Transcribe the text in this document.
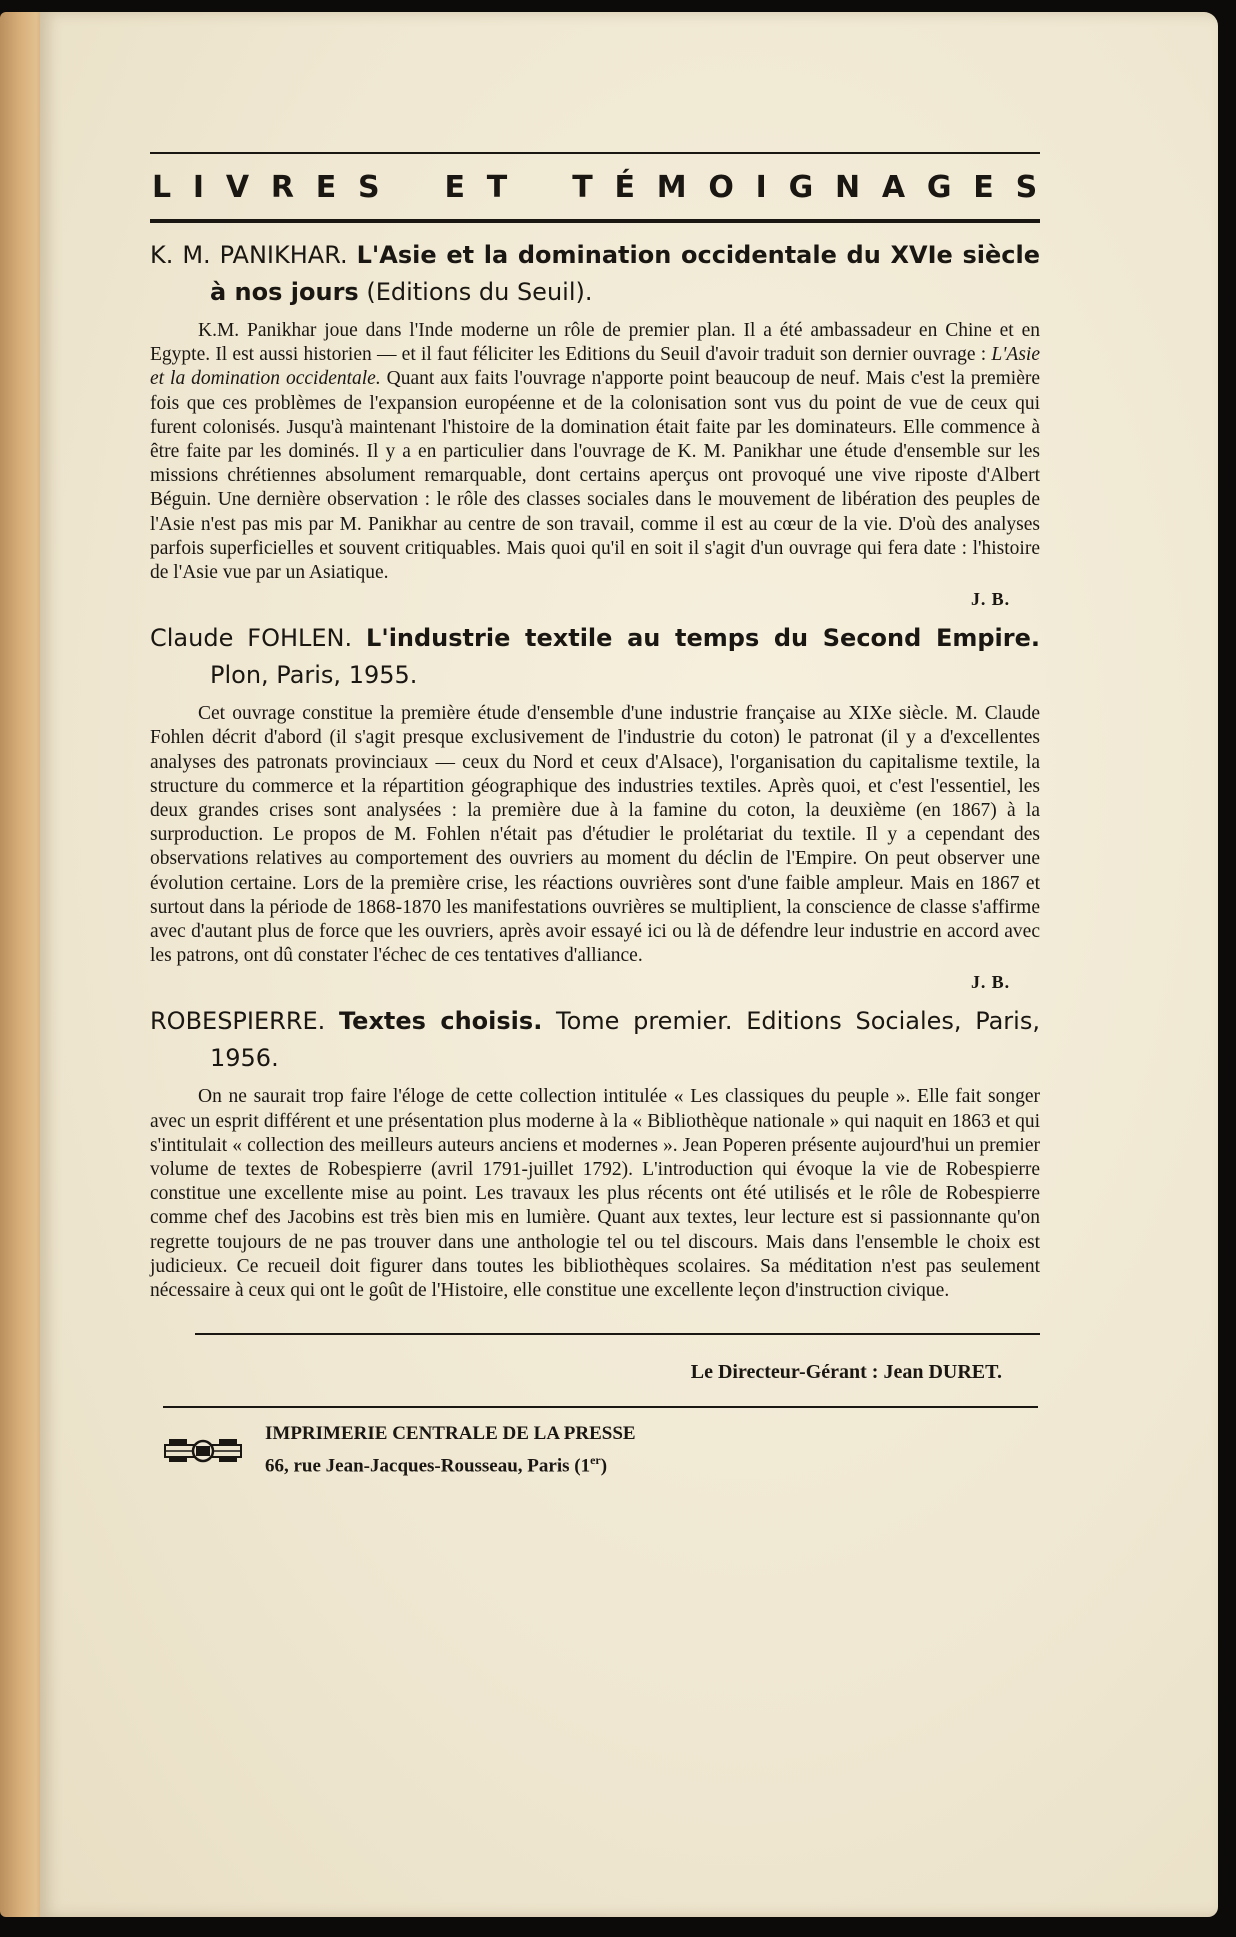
L I V R E S E T T É M O I G N A G E S

K. M. PANIKHAR. L'Asie et la domination occidentale du XVIe siècle à nos jours (Editions du Seuil).

K.M. Panikhar joue dans l'Inde moderne un rôle de premier plan. Il a été ambassadeur en Chine et en Egypte. Il est aussi historien — et il faut féliciter les Editions du Seuil d'avoir traduit son dernier ouvrage : L'Asie et la domination occidentale. Quant aux faits l'ouvrage n'apporte point beaucoup de neuf. Mais c'est la première fois que ces problèmes de l'expansion européenne et de la colonisation sont vus du point de vue de ceux qui furent colonisés. Jusqu'à maintenant l'histoire de la domination était faite par les dominateurs. Elle commence à être faite par les dominés. Il y a en particulier dans l'ouvrage de K. M. Panikhar une étude d'ensemble sur les missions chrétiennes absolument remarquable, dont certains aperçus ont provoqué une vive riposte d'Albert Béguin. Une dernière observation : le rôle des classes sociales dans le mouvement de libération des peuples de l'Asie n'est pas mis par M. Panikhar au centre de son travail, comme il est au cœur de la vie. D'où des analyses parfois superficielles et souvent critiquables. Mais quoi qu'il en soit il s'agit d'un ouvrage qui fera date : l'histoire de l'Asie vue par un Asiatique.

J. B.

Claude FOHLEN. L'industrie textile au temps du Second Empire. Plon, Paris, 1955.

Cet ouvrage constitue la première étude d'ensemble d'une industrie française au XIXe siècle. M. Claude Fohlen décrit d'abord (il s'agit presque exclusivement de l'industrie du coton) le patronat (il y a d'excellentes analyses des patronats provinciaux — ceux du Nord et ceux d'Alsace), l'organisation du capitalisme textile, la structure du commerce et la répartition géographique des industries textiles. Après quoi, et c'est l'essentiel, les deux grandes crises sont analysées : la première due à la famine du coton, la deuxième (en 1867) à la surproduction. Le propos de M. Fohlen n'était pas d'étudier le prolétariat du textile. Il y a cependant des observations relatives au comportement des ouvriers au moment du déclin de l'Empire. On peut observer une évolution certaine. Lors de la première crise, les réactions ouvrières sont d'une faible ampleur. Mais en 1867 et surtout dans la période de 1868-1870 les manifestations ouvrières se multiplient, la conscience de classe s'affirme avec d'autant plus de force que les ouvriers, après avoir essayé ici ou là de défendre leur industrie en accord avec les patrons, ont dû constater l'échec de ces tentatives d'alliance.

J. B.

ROBESPIERRE. Textes choisis. Tome premier. Editions Sociales, Paris, 1956.

On ne saurait trop faire l'éloge de cette collection intitulée « Les classiques du peuple ». Elle fait songer avec un esprit différent et une présentation plus moderne à la « Bibliothèque nationale » qui naquit en 1863 et qui s'intitulait « collection des meilleurs auteurs anciens et modernes ». Jean Poperen présente aujourd'hui un premier volume de textes de Robespierre (avril 1791-juillet 1792). L'introduction qui évoque la vie de Robespierre constitue une excellente mise au point. Les travaux les plus récents ont été utilisés et le rôle de Robespierre comme chef des Jacobins est très bien mis en lumière. Quant aux textes, leur lecture est si passionnante qu'on regrette toujours de ne pas trouver dans une anthologie tel ou tel discours. Mais dans l'ensemble le choix est judicieux. Ce recueil doit figurer dans toutes les bibliothèques scolaires. Sa méditation n'est pas seulement nécessaire à ceux qui ont le goût de l'Histoire, elle constitue une excellente leçon d'instruction civique.

Le Directeur-Gérant : Jean DURET.
IMPRIMERIE CENTRALE DE LA PRESSE
66, rue Jean-Jacques-Rousseau, Paris (1er)
